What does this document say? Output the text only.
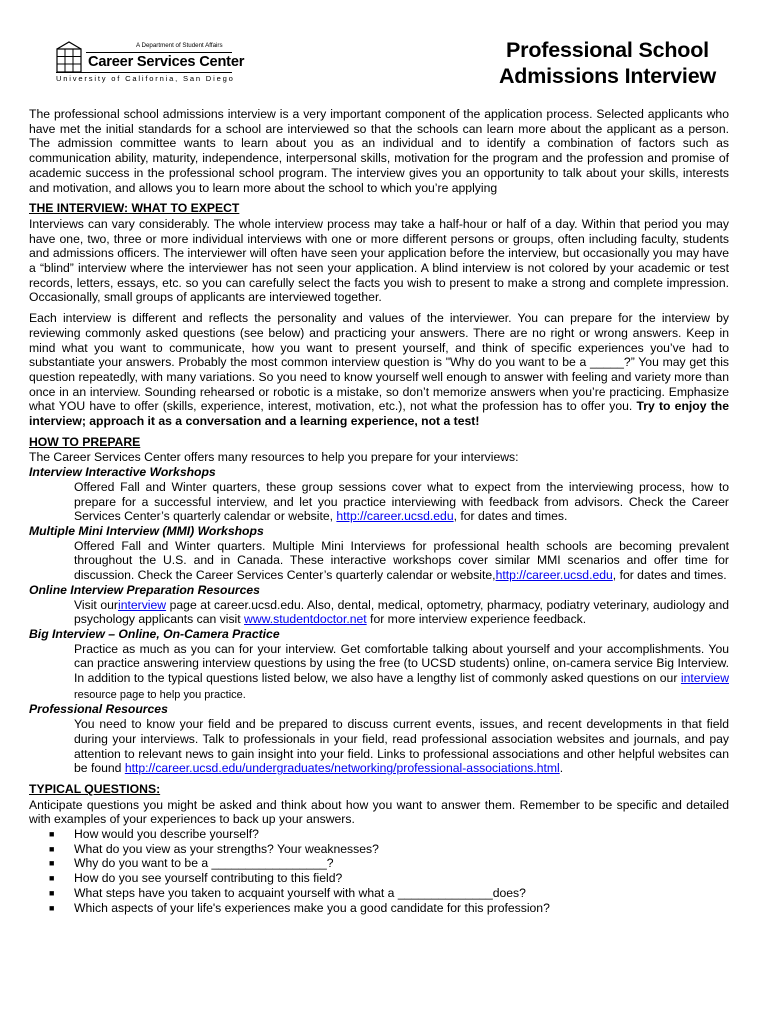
A Department of Student Affairs
Career Services Center
University of California, San Diego
Professional School
Admissions Interview

The professional school admissions interview is a very important component of the application process. Selected applicants who have met the initial standards for a school are interviewed so that the schools can learn more about the applicant as a person. The admission committee wants to learn about you as an individual and to identify a combination of factors such as communication ability, maturity, independence, interpersonal skills, motivation for the program and the profession and promise of academic success in the professional school program. The interview gives you an opportunity to talk about your skills, interests and motivation, and allows you to learn more about the school to which you’re applying

THE INTERVIEW: WHAT TO EXPECT

Interviews can vary considerably. The whole interview process may take a half-hour or half of a day. Within that period you may have one, two, three or more individual interviews with one or more different persons or groups, often including faculty, students and admissions officers. The interviewer will often have seen your application before the interview, but occasionally you may have a “blind” interview where the interviewer has not seen your application. A blind interview is not colored by your academic or test records, letters, essays, etc. so you can carefully select the facts you wish to present to make a strong and complete impression. Occasionally, small groups of applicants are interviewed together.

Each interview is different and reflects the personality and values of the interviewer. You can prepare for the interview by reviewing commonly asked questions (see below) and practicing your answers. There are no right or wrong answers. Keep in mind what you want to communicate, how you want to present yourself, and think of specific experiences you’ve had to substantiate your answers. Probably the most common interview question is "Why do you want to be a _____?” You may get this question repeatedly, with many variations. So you need to know yourself well enough to answer with feeling and variety more than once in an interview. Sounding rehearsed or robotic is a mistake, so don’t memorize answers when you’re practicing. Emphasize what YOU have to offer (skills, experience, interest, motivation, etc.), not what the profession has to offer you. Try to enjoy the interview; approach it as a conversation and a learning experience, not a test!

HOW TO PREPARE

The Career Services Center offers many resources to help you prepare for your interviews:

Interview Interactive Workshops

Offered Fall and Winter quarters, these group sessions cover what to expect from the interviewing process, how to prepare for a successful interview, and let you practice interviewing with feedback from advisors. Check the Career Services Center’s quarterly calendar or website, http://career.ucsd.edu, for dates and times.

Multiple Mini Interview (MMI) Workshops

Offered Fall and Winter quarters. Multiple Mini Interviews for professional health schools are becoming prevalent throughout the U.S. and in Canada. These interactive workshops cover similar MMI scenarios and offer time for discussion. Check the Career Services Center’s quarterly calendar or website,http://career.ucsd.edu, for dates and times.

Online Interview Preparation Resources

Visit ourinterview page at career.ucsd.edu. Also, dental, medical, optometry, pharmacy, podiatry veterinary, audiology and psychology applicants can visit www.studentdoctor.net for more interview experience feedback.

Big Interview – Online, On-Camera Practice

Practice as much as you can for your interview. Get comfortable talking about yourself and your accomplishments. You can practice answering interview questions by using the free (to UCSD students) online, on-camera service Big Interview. In addition to the typical questions listed below, we also have a lengthy list of commonly asked questions on our interview resource page to help you practice.

Professional Resources

You need to know your field and be prepared to discuss current events, issues, and recent developments in that field during your interviews. Talk to professionals in your field, read professional association websites and journals, and pay attention to relevant news to gain insight into your field. Links to professional associations and other helpful websites can be found http://career.ucsd.edu/undergraduates/networking/professional-associations.html.

TYPICAL QUESTIONS:

Anticipate questions you might be asked and think about how you want to answer them. Remember to be specific and detailed with examples of your experiences to back up your answers.

■ How would you describe yourself?
■ What do you view as your strengths? Your weaknesses?
■ Why do you want to be a _________________?
■ How do you see yourself contributing to this field?
■ What steps have you taken to acquaint yourself with what a ______________does?
■ Which aspects of your life's experiences make you a good candidate for this profession?
